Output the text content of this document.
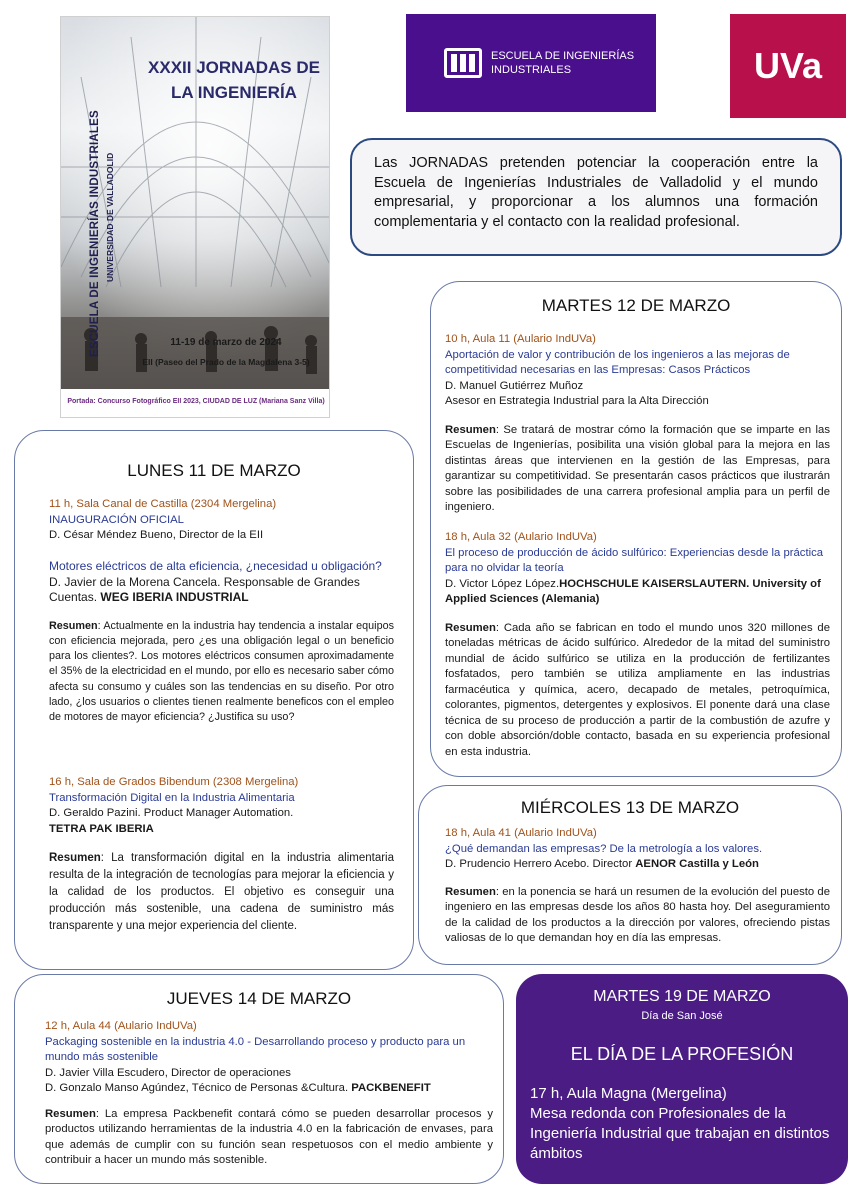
ESCUELA DE INGENIERÍAS INDUSTRIALES UNIVERSIDAD DE VALLADOLID
XXXII JORNADAS DE
LA INGENIERÍA
11-19 de marzo de 2024
EII (Paseo del Prado de la Magdalena 3-5)
Portada: Concurso Fotográfico EII 2023, CIUDAD DE LUZ (Mariana Sanz Villa)
ESCUELA DE INGENIERÍAS
INDUSTRIALES	UVa
Las JORNADAS pretenden potenciar la cooperación entre la Escuela de Ingenierías Industriales de Valladolid y el mundo empresarial, y proporcionar a los alumnos una formación complementaria y el contacto con la realidad profesional.
MARTES 12 DE MARZO
10 h, Aula 11 (Aulario IndUVa)
Aportación de valor y contribución de los ingenieros a las mejoras de competitividad necesarias en las Empresas: Casos Prácticos
D. Manuel Gutiérrez Muñoz
Asesor en Estrategia Industrial para la Alta Dirección
Resumen: Se tratará de mostrar cómo la formación que se imparte en las Escuelas de Ingenierías, posibilita una visión global para la mejora en las distintas áreas que intervienen en la gestión de las Empresas, para garantizar su competitividad. Se presentarán casos prácticos que ilustrarán sobre las posibilidades de una carrera profesional amplia para un perfil de ingeniero.
18 h, Aula 32 (Aulario IndUVa)
El proceso de producción de ácido sulfúrico: Experiencias desde la práctica para no olvidar la teoría
D. Victor López López.HOCHSCHULE KAISERSLAUTERN. University of Applied Sciences (Alemania)
Resumen: Cada año se fabrican en todo el mundo unos 320 millones de toneladas métricas de ácido sulfúrico. Alrededor de la mitad del suministro mundial de ácido sulfúrico se utiliza en la producción de fertilizantes fosfatados, pero también se utiliza ampliamente en las industrias farmacéutica y química, acero, decapado de metales, petroquímica, colorantes, pigmentos, detergentes y explosivos. El ponente dará una clase técnica de su proceso de producción a partir de la combustión de azufre y con doble absorción/doble contacto, basada en su experiencia profesional en esta industria.
LUNES 11 DE MARZO
11 h, Sala Canal de Castilla (2304 Mergelina)
INAUGURACIÓN OFICIAL
D. César Méndez Bueno, Director de la EII
Motores eléctricos de alta eficiencia, ¿necesidad u obligación?
D. Javier de la Morena Cancela. Responsable de Grandes Cuentas. WEG IBERIA INDUSTRIAL
Resumen: Actualmente en la industria hay tendencia a instalar equipos con eficiencia mejorada, pero ¿es una obligación legal o un beneficio para los clientes?. Los motores eléctricos consumen aproximadamente el 35% de la electricidad en el mundo, por ello es necesario saber cómo afecta su consumo y cuáles son las tendencias en su diseño. Por otro lado, ¿los usuarios o clientes tienen realmente beneficos con el empleo de motores de mayor eficiencia? ¿Justifica su uso?
16 h, Sala de Grados Bibendum (2308 Mergelina)
Transformación Digital en la Industria Alimentaria
D. Geraldo Pazini. Product Manager Automation.
TETRA PAK IBERIA
Resumen: La transformación digital en la industria alimentaria resulta de la integración de tecnologías para mejorar la eficiencia y la calidad de los productos. El objetivo es conseguir una producción más sostenible, una cadena de suministro más transparente y una mejor experiencia del cliente.
MIÉRCOLES 13 DE MARZO
18 h, Aula 41 (Aulario IndUVa)
¿Qué demandan las empresas? De la metrología a los valores.
D. Prudencio Herrero Acebo. Director AENOR Castilla y León
Resumen: en la ponencia se hará un resumen de la evolución del puesto de ingeniero en las empresas desde los años 80 hasta hoy. Del aseguramiento de la calidad de los productos a la dirección por valores, ofreciendo pistas valiosas de lo que demandan hoy en día las empresas.
JUEVES 14 DE MARZO
12 h, Aula 44 (Aulario IndUVa)
Packaging sostenible en la industria 4.0 - Desarrollando proceso y producto para un mundo más sostenible
D. Javier Villa Escudero, Director de operaciones
D. Gonzalo Manso Agúndez, Técnico de Personas &Cultura. PACKBENEFIT
Resumen: La empresa Packbenefit contará cómo se pueden desarrollar procesos y productos utilizando herramientas de la industria 4.0 en la fabricación de envases, para que además de cumplir con su función sean respetuosos con el medio ambiente y contribuir a hacer un mundo más sostenible.
MARTES 19 DE MARZO
Día de San José
EL DÍA DE LA PROFESIÓN
17 h, Aula Magna (Mergelina)
Mesa redonda con Profesionales de la Ingeniería Industrial que trabajan en distintos ámbitos
